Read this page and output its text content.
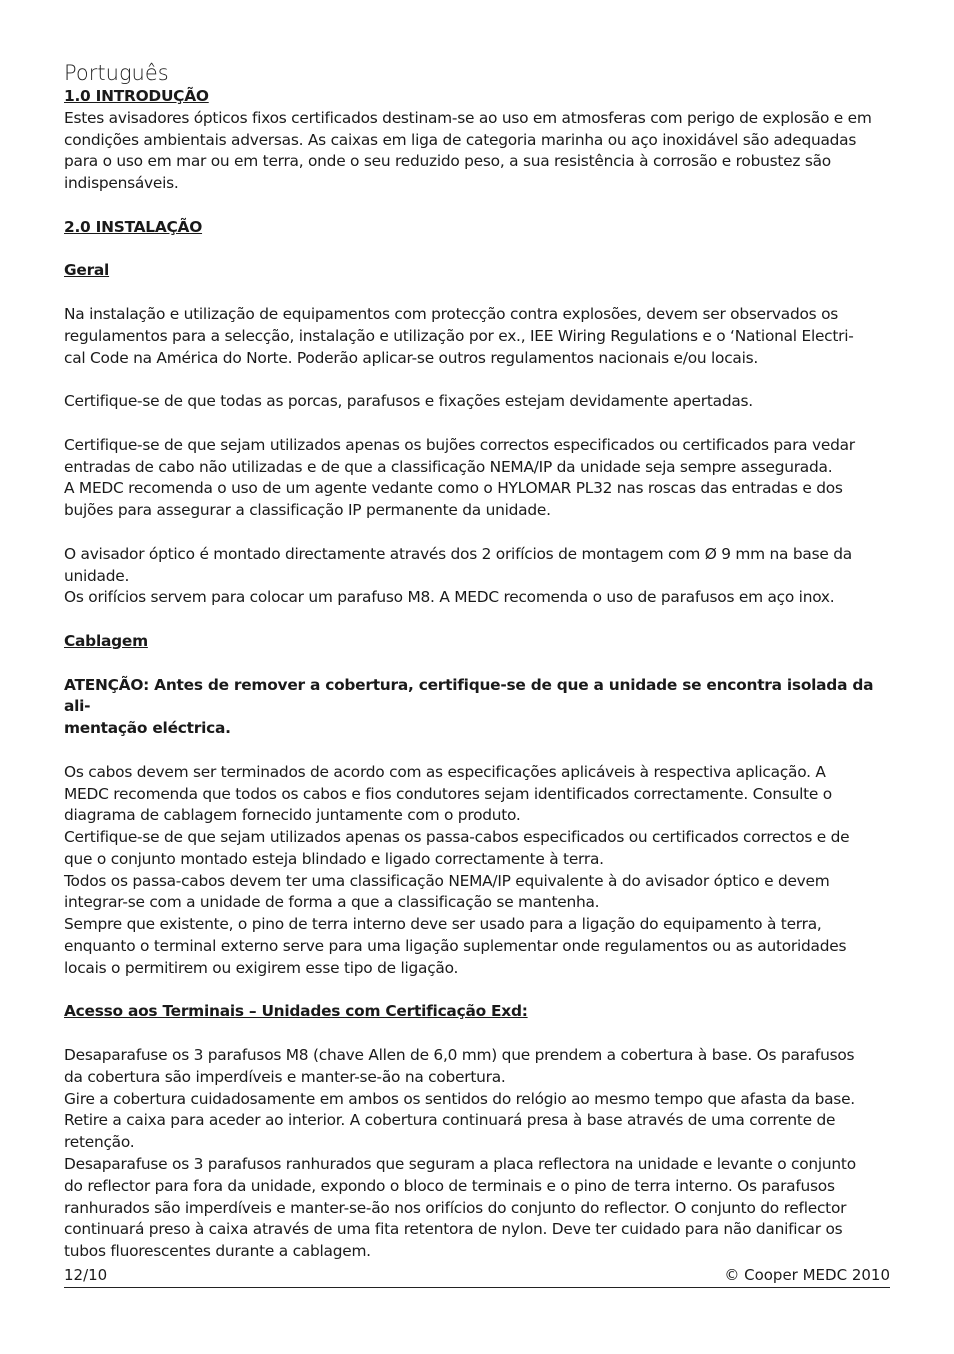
Português

1.0 INTRODUÇÃO

Estes avisadores ópticos fixos certificados destinam-se ao uso em atmosferas com perigo de explosão e em

condições ambientais adversas. As caixas em liga de categoria marinha ou aço inoxidável são adequadas

para o uso em mar ou em terra, onde o seu reduzido peso, a sua resistência à corrosão e robustez são

indispensáveis.

2.0 INSTALAÇÃO

Geral

Na instalação e utilização de equipamentos com protecção contra explosões, devem ser observados os

regulamentos para a selecção, instalação e utilização por ex., IEE Wiring Regulations e o ‘National Electri-

cal Code na América do Norte. Poderão aplicar-se outros regulamentos nacionais e/ou locais.

Certifique-se de que todas as porcas, parafusos e fixações estejam devidamente apertadas.

Certifique-se de que sejam utilizados apenas os bujões correctos especificados ou certificados para vedar

entradas de cabo não utilizadas e de que a classificação NEMA/IP da unidade seja sempre assegurada.

A MEDC recomenda o uso de um agente vedante como o HYLOMAR PL32 nas roscas das entradas e dos

bujões para assegurar a classificação IP permanente da unidade.

O avisador óptico é montado directamente através dos 2 orifícios de montagem com Ø 9 mm na base da

unidade.

Os orifícios servem para colocar um parafuso M8. A MEDC recomenda o uso de parafusos em aço inox.

Cablagem

ATENÇÃO: Antes de remover a cobertura, certifique-se de que a unidade se encontra isolada da ali-

mentação eléctrica.

Os cabos devem ser terminados de acordo com as especificações aplicáveis à respectiva aplicação. A

MEDC recomenda que todos os cabos e fios condutores sejam identificados correctamente. Consulte o

diagrama de cablagem fornecido juntamente com o produto.

Certifique-se de que sejam utilizados apenas os passa-cabos especificados ou certificados correctos e de

que o conjunto montado esteja blindado e ligado correctamente à terra.

Todos os passa-cabos devem ter uma classificação NEMA/IP equivalente à do avisador óptico e devem

integrar-se com a unidade de forma a que a classificação se mantenha.

Sempre que existente, o pino de terra interno deve ser usado para a ligação do equipamento à terra,

enquanto o terminal externo serve para uma ligação suplementar onde regulamentos ou as autoridades

locais o permitirem ou exigirem esse tipo de ligação.

Acesso aos Terminais – Unidades com Certificação Exd:

Desaparafuse os 3 parafusos M8 (chave Allen de 6,0 mm) que prendem a cobertura à base. Os parafusos

da cobertura são imperdíveis e manter-se-ão na cobertura.

Gire a cobertura cuidadosamente em ambos os sentidos do relógio ao mesmo tempo que afasta da base.

Retire a caixa para aceder ao interior. A cobertura continuará presa à base através de uma corrente de

retenção.

Desaparafuse os 3 parafusos ranhurados que seguram a placa reflectora na unidade e levante o conjunto

do reflector para fora da unidade, expondo o bloco de terminais e o pino de terra interno. Os parafusos

ranhurados são imperdíveis e manter-se-ão nos orifícios do conjunto do reflector. O conjunto do reflector

continuará preso à caixa através de uma fita retentora de nylon. Deve ter cuidado para não danificar os

tubos fluorescentes durante a cablagem.

12/10	© Cooper MEDC 2010
